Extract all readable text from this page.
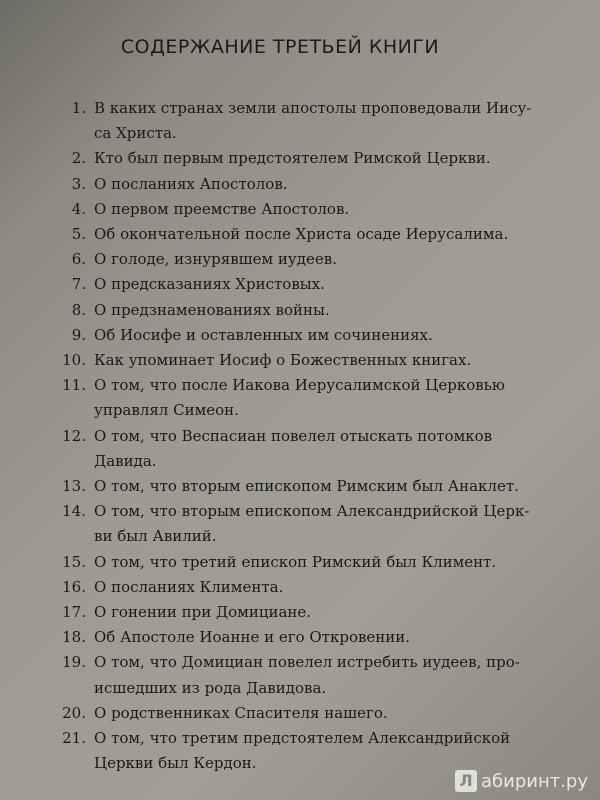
СОДЕРЖАНИЕ ТРЕТЬЕЙ КНИГИ
1. В каких странах земли апостолы проповедовали Иису-
са Христа.
2. Кто был первым предстоятелем Римской Церкви.
3. О посланиях Апостолов.
4. О первом преемстве Апостолов.
5. Об окончательной после Христа осаде Иерусалима.
6. О голоде, изнурявшем иудеев.
7. О предсказаниях Христовых.
8. О предзнаменованиях войны.
9. Об Иосифе и оставленных им сочинениях.
10. Как упоминает Иосиф о Божественных книгах.
11. О том, что после Иакова Иерусалимской Церковью
управлял Симеон.
12. О том, что Веспасиан повелел отыскать потомков
Давида.
13. О том, что вторым епископом Римским был Анаклет.
14. О том, что вторым епископом Александрийской Церк-
ви был Авилий.
15. О том, что третий епископ Римский был Климент.
16. О посланиях Климента.
17. О гонении при Домициане.
18. Об Апостоле Иоанне и его Откровении.
19. О том, что Домициан повелел истребить иудеев, про-
исшедших из рода Давидова.
20. О родственниках Спасителя нашего.
21. О том, что третим предстоятелем Александрийской
Церкви был Кердон.
Л абиринт.ру
